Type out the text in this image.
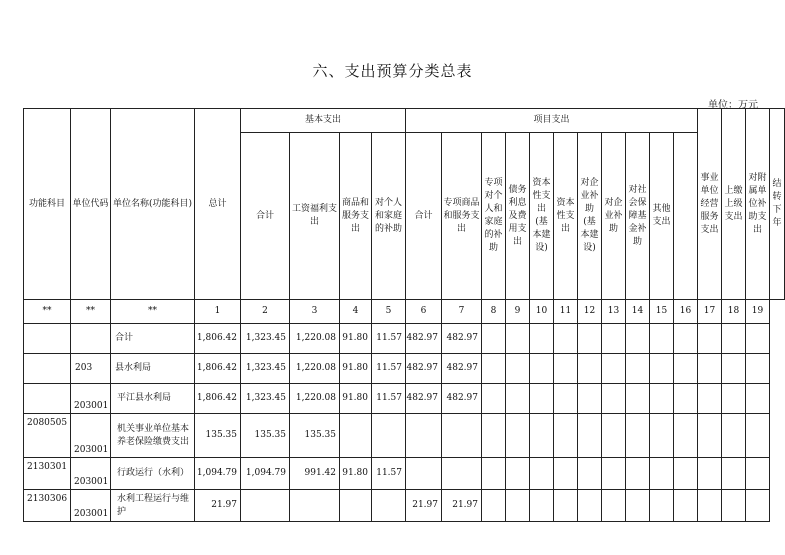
六、支出预算分类总表
单位：万元
功能科目	单位代码	单位名称(功能科目)	总计	基本支出				项目支出											事业单位经营服务支出	上缴上级支出	对附属单位补助支出	结转下年
				合计	工资福利支出	商品和服务支出	对个人和家庭的补助	合计	专项商品和服务支出	专项对个人和家庭的补助	债务利息及费用支出	资本性支出(基本建设)	资本性支出	对企业补助(基本建设)	对企业补助	对社会保障基金补助	其他支出					
**	**	**	1	2	3	4	5	6	7	8	9	10	11	12	13	14	15	16	17	18	19	
		合计	1,806.42	1,323.45	1,220.08	91.80	11.57	482.97	482.97													
	203	县水利局	1,806.42	1,323.45	1,220.08	91.80	11.57	482.97	482.97													
	203001	平江县水利局	1,806.42	1,323.45	1,220.08	91.80	11.57	482.97	482.97													
2080505	203001	机关事业单位基本养老保险缴费支出	135.35	135.35	135.35																	
2130301	203001	行政运行（水利）	1,094.79	1,094.79	991.42	91.80	11.57															
2130306	203001	水利工程运行与维护	21.97					21.97	21.97													
